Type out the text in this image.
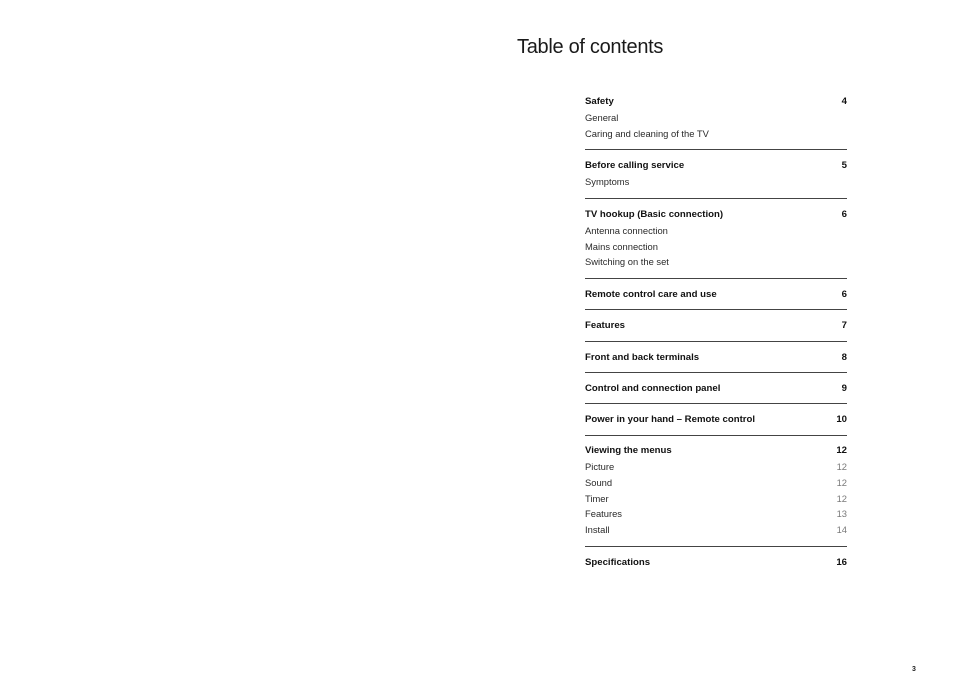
Table of contents
Safety	4
General
Caring and cleaning of the TV
Before calling service	5
Symptoms
TV hookup (Basic connection)	6
Antenna connection
Mains connection
Switching on the set
Remote control care and use	6
Features	7
Front and back terminals	8
Control and connection panel	9
Power in your hand – Remote control	10
Viewing the menus	12
Picture	12
Sound	12
Timer	12
Features	13
Install	14
Specifications	16
3
